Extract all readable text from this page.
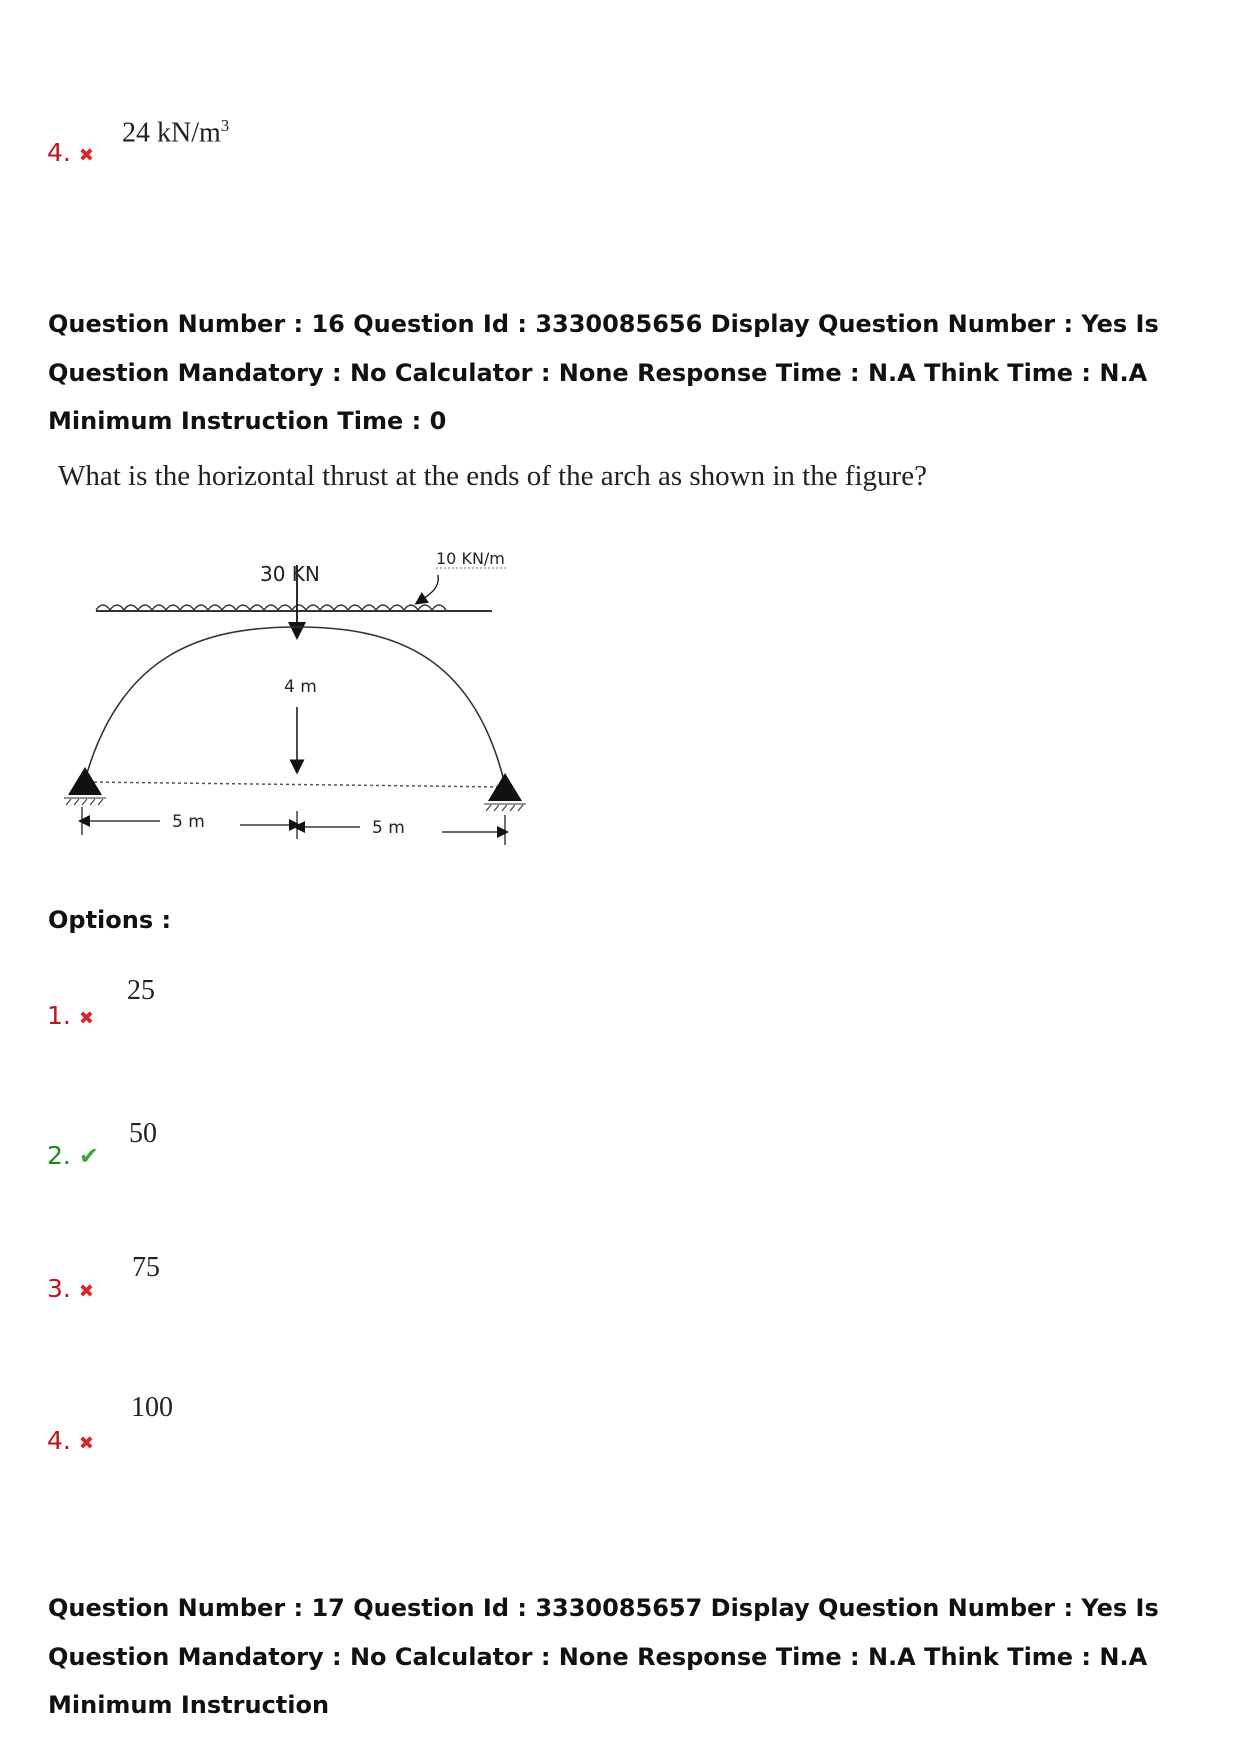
4. ✖
24 $kN/m^3$
Question Number : 16 Question Id : 3330085656 Display Question Number : Yes Is Question Mandatory : No Calculator : None Response Time : N.A Think Time : N.A Minimum Instruction Time : 0
What is the horizontal thrust at the ends of the arch as shown in the figure?
30 KN
10 KN/m
4 m
5 m	5 m
Options :
1. ✖
25
2. ✔
50
3. ✖
75
4. ✖
100
Question Number : 17 Question Id : 3330085657 Display Question Number : Yes Is Question Mandatory : No Calculator : None Response Time : N.A Think Time : N.A Minimum Instruction
